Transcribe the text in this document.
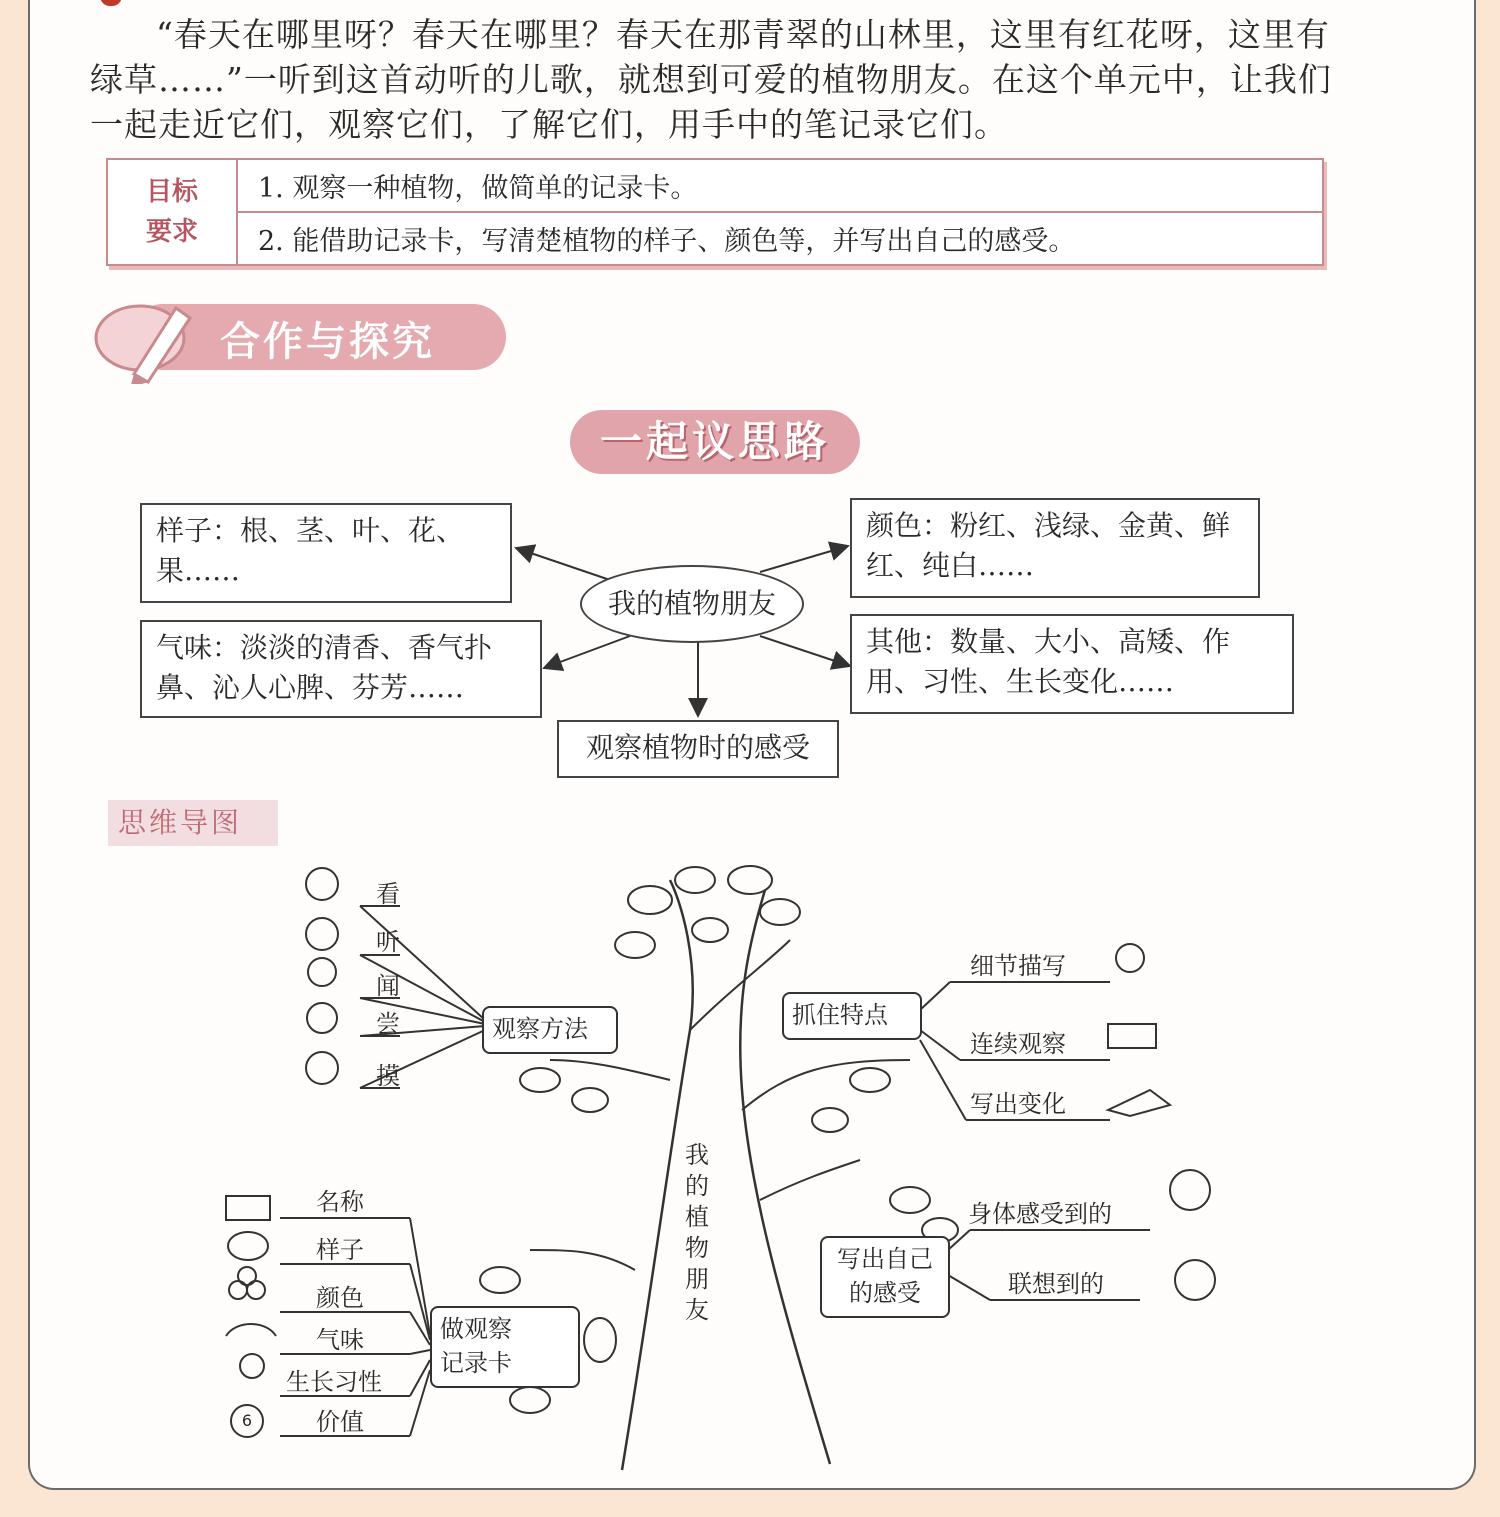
“春天在哪里呀？春天在哪里？春天在那青翠的山林里，这里有红花呀，这里有绿草……”一听到这首动听的儿歌，就想到可爱的植物朋友。在这个单元中，让我们一起走近它们，观察它们，了解它们，用手中的笔记录它们。

目标
要求
1. 观察一种植物，做简单的记录卡。
2. 能借助记录卡，写清楚植物的样子、颜色等，并写出自己的感受。
合作与探究
一起议思路
样子：根、茎、叶、花、果……
颜色：粉红、浅绿、金黄、鲜红、纯白……
我的植物朋友
气味：淡淡的清香、香气扑鼻、沁人心脾、芬芳……
其他：数量、大小、高矮、作用、习性、生长变化……
观察植物时的感受
思维导图
我的植物朋友
观察方法
看
听
闻
尝
摸
抓住特点
细节描写
连续观察
写出变化
写出自己
的感受
身体感受到的
联想到的
做观察
记录卡
名称
样子
颜色
气味
生长习性
价值
6
